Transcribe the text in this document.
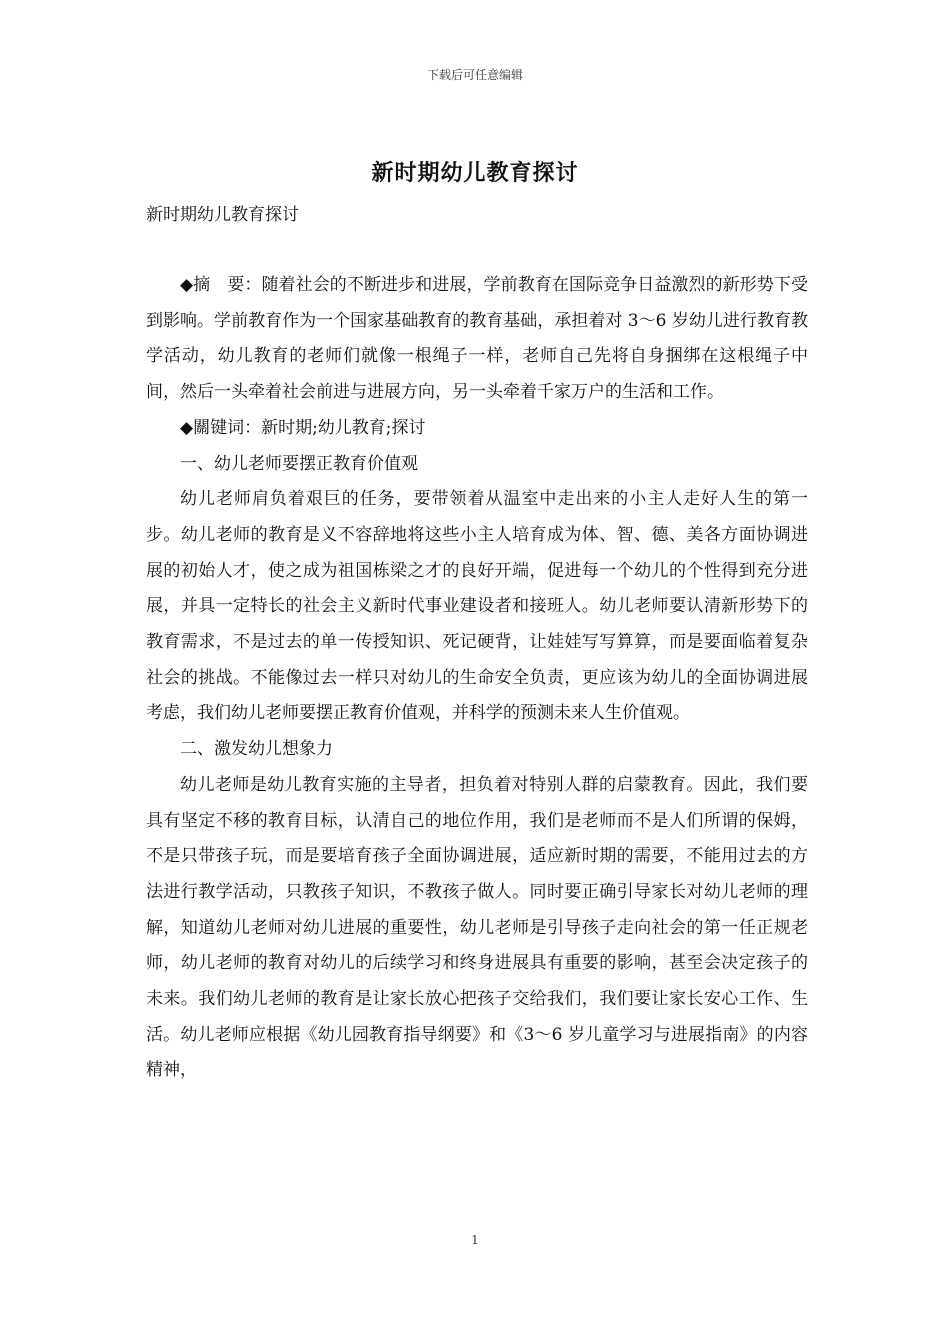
下载后可任意编辑
新时期幼儿教育探讨
新时期幼儿教育探讨

◆摘　要：随着社会的不断进步和进展，学前教育在国际竞争日益激烈的新形势下受到影响。学前教育作为一个国家基础教育的教育基础，承担着对 3～6 岁幼儿进行教育教学活动，幼儿教育的老师们就像一根绳子一样，老师自己先将自身捆绑在这根绳子中间，然后一头牵着社会前进与进展方向，另一头牵着千家万户的生活和工作。

◆關键词：新时期;幼儿教育;探讨

一、幼儿老师要摆正教育价值观

幼儿老师肩负着艰巨的任务，要带领着从温室中走出来的小主人走好人生的第一步。幼儿老师的教育是义不容辞地将这些小主人培育成为体、智、德、美各方面协调进展的初始人才，使之成为祖国栋梁之才的良好开端，促进每一个幼儿的个性得到充分进展，并具一定特长的社会主义新时代事业建设者和接班人。幼儿老师要认清新形势下的教育需求，不是过去的单一传授知识、死记硬背，让娃娃写写算算，而是要面临着复杂社会的挑战。不能像过去一样只对幼儿的生命安全负责，更应该为幼儿的全面协调进展考虑，我们幼儿老师要摆正教育价值观，并科学的预测未来人生价值观。

二、激发幼儿想象力

幼儿老师是幼儿教育实施的主导者，担负着对特别人群的启蒙教育。因此，我们要具有坚定不移的教育目标，认清自己的地位作用，我们是老师而不是人们所谓的保姆，不是只带孩子玩，而是要培育孩子全面协调进展，适应新时期的需要，不能用过去的方法进行教学活动，只教孩子知识，不教孩子做人。同时要正确引导家长对幼儿老师的理解，知道幼儿老师对幼儿进展的重要性，幼儿老师是引导孩子走向社会的第一任正规老师，幼儿老师的教育对幼儿的后续学习和终身进展具有重要的影响，甚至会决定孩子的未来。我们幼儿老师的教育是让家长放心把孩子交给我们，我们要让家长安心工作、生活。幼儿老师应根据《幼儿园教育指导纲要》和《3～6 岁儿童学习与进展指南》的内容精神，

1
